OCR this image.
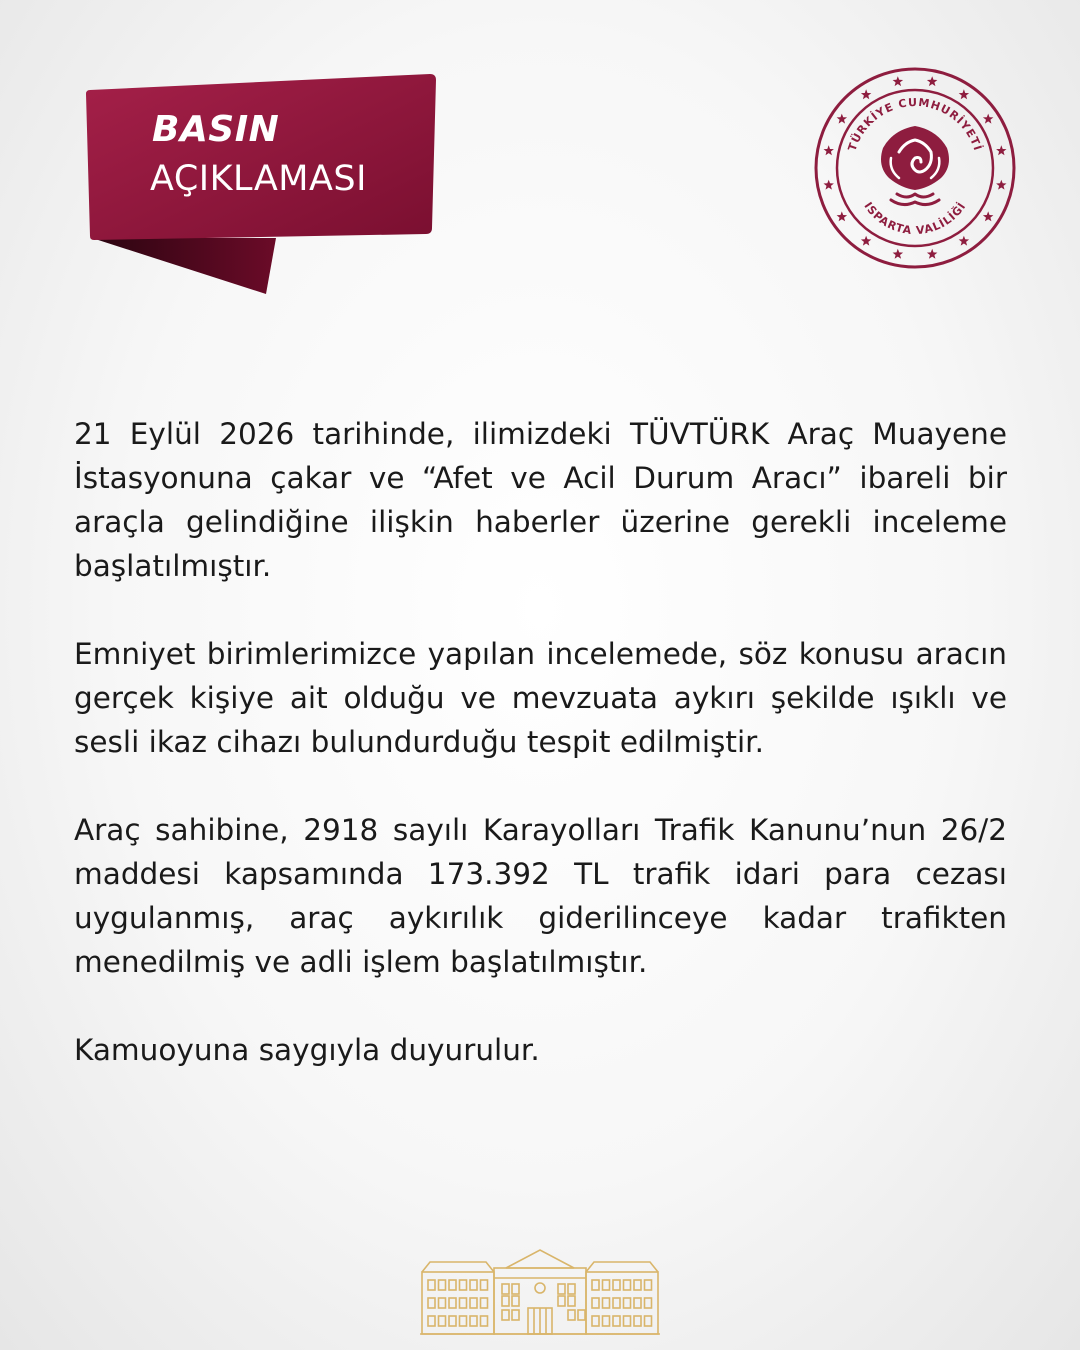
BASIN
AÇIKLAMASI
TÜRKİYE CUMHURİYETİ
ISPARTA VALİLİĞİ

21 Eylül 2026 tarihinde, ilimizdeki TÜVTÜRK Araç Muayene İstasyonuna çakar ve “Afet ve Acil Durum Aracı” ibareli bir araçla gelindiğine ilişkin haberler üzerine gerekli inceleme başlatılmıştır.

Emniyet birimlerimizce yapılan incelemede, söz konusu aracın gerçek kişiye ait olduğu ve mevzuata aykırı şekilde ışıklı ve sesli ikaz cihazı bulundurduğu tespit edilmiştir.

Araç sahibine, 2918 sayılı Karayolları Trafik Kanunu’nun 26/2 maddesi kapsamında 173.392 TL trafik idari para cezası uygulanmış, araç aykırılık giderilinceye kadar trafikten menedilmiş ve adli işlem başlatılmıştır.

Kamuoyuna saygıyla duyurulur.
